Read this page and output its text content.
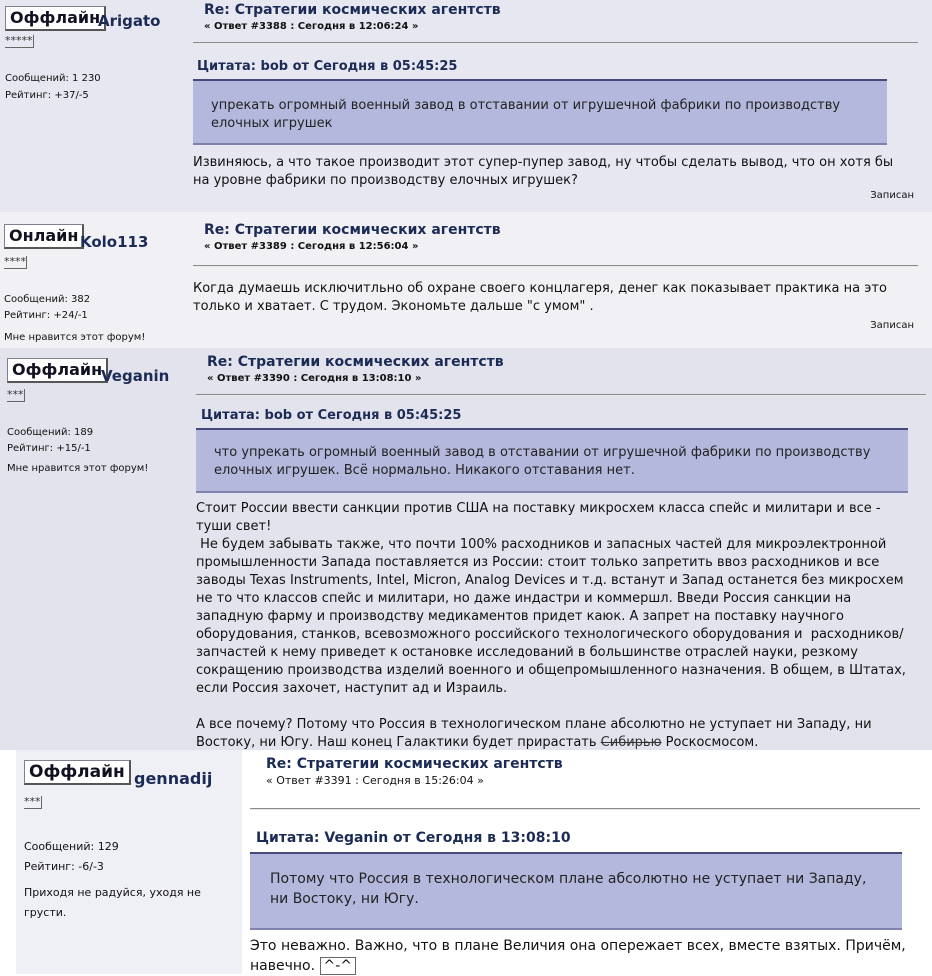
Оффлайн
Arigato
*****
Сообщений: 1 230
Рейтинг: +37/-5
Re: Стратегии космических агентств
« Ответ #3388 : Сегодня в 12:06:24 »
Цитата: bob от Сегодня в 05:45:25
упрекать огромный военный завод в отставании от игрушечной фабрики по производству елочных игрушек
Извиняюсь, а что такое производит этот супер-пупер завод, ну чтобы сделать вывод, что он хотя бы на уровне фабрики по производству елочных игрушек?
Записан
Онлайн Kolo113
****
Сообщений: 382
Рейтинг: +24/-1
Мне нравится этот форум!
Re: Стратегии космических агентств
« Ответ #3389 : Сегодня в 12:56:04 »
Когда думаешь исключитльно об охране своего концлагеря, денег как показывает практика на это только и хватает. С трудом. Экономьте дальше "с умом" .
Записан
Оффлайн
Veganin
***
Сообщений: 189
Рейтинг: +15/-1
Мне нравится этот форум!
Re: Стратегии космических агентств
« Ответ #3390 : Сегодня в 13:08:10 »
Цитата: bob от Сегодня в 05:45:25
что упрекать огромный военный завод в отставании от игрушечной фабрики по производству елочных игрушек. Всё нормально. Никакого отставания нет.
Стоит России ввести санкции против США на поставку микросхем класса спейс и милитари и все - туши свет!
Не будем забывать также, что почти 100% расходников и запасных частей для микроэлектронной промышленности Запада поставляется из России: стоит только запретить ввоз расходников и все заводы Texas Instruments, Intel, Micron, Analog Devices и т.д. встанут и Запад останется без микросхем не то что классов спейс и милитари, но даже индастри и коммершл. Введи Россия санкции на западную фарму и производству медикаментов придет каюк. А запрет на поставку научного оборудования, станков, всевозможного российского технологического оборудования и  расходников/запчастей к нему приведет к остановке исследований в большинстве отраслей науки, резкому сокращению производства изделий военного и общепромышленного назначения. В общем, в Штатах, если Россия захочет, наступит ад и Израиль.
А все почему? Потому что Россия в технологическом плане абсолютно не уступает ни Западу, ни Востоку, ни Югу. Наш конец Галактики будет прирастать Сибирью Роскосмосом.
Оффлайн gennadij
***
Сообщений: 129
Рейтинг: -6/-3
Приходя не радуйся, уходя не грусти.
Re: Стратегии космических агентств
« Ответ #3391 : Сегодня в 15:26:04 »
Цитата: Veganin от Сегодня в 13:08:10
Потому что Россия в технологическом плане абсолютно не уступает ни Западу, ни Востоку, ни Югу.
Это неважно. Важно, что в плане Величия она опережает всех, вместе взятых. Причём, навечно. ^-^
